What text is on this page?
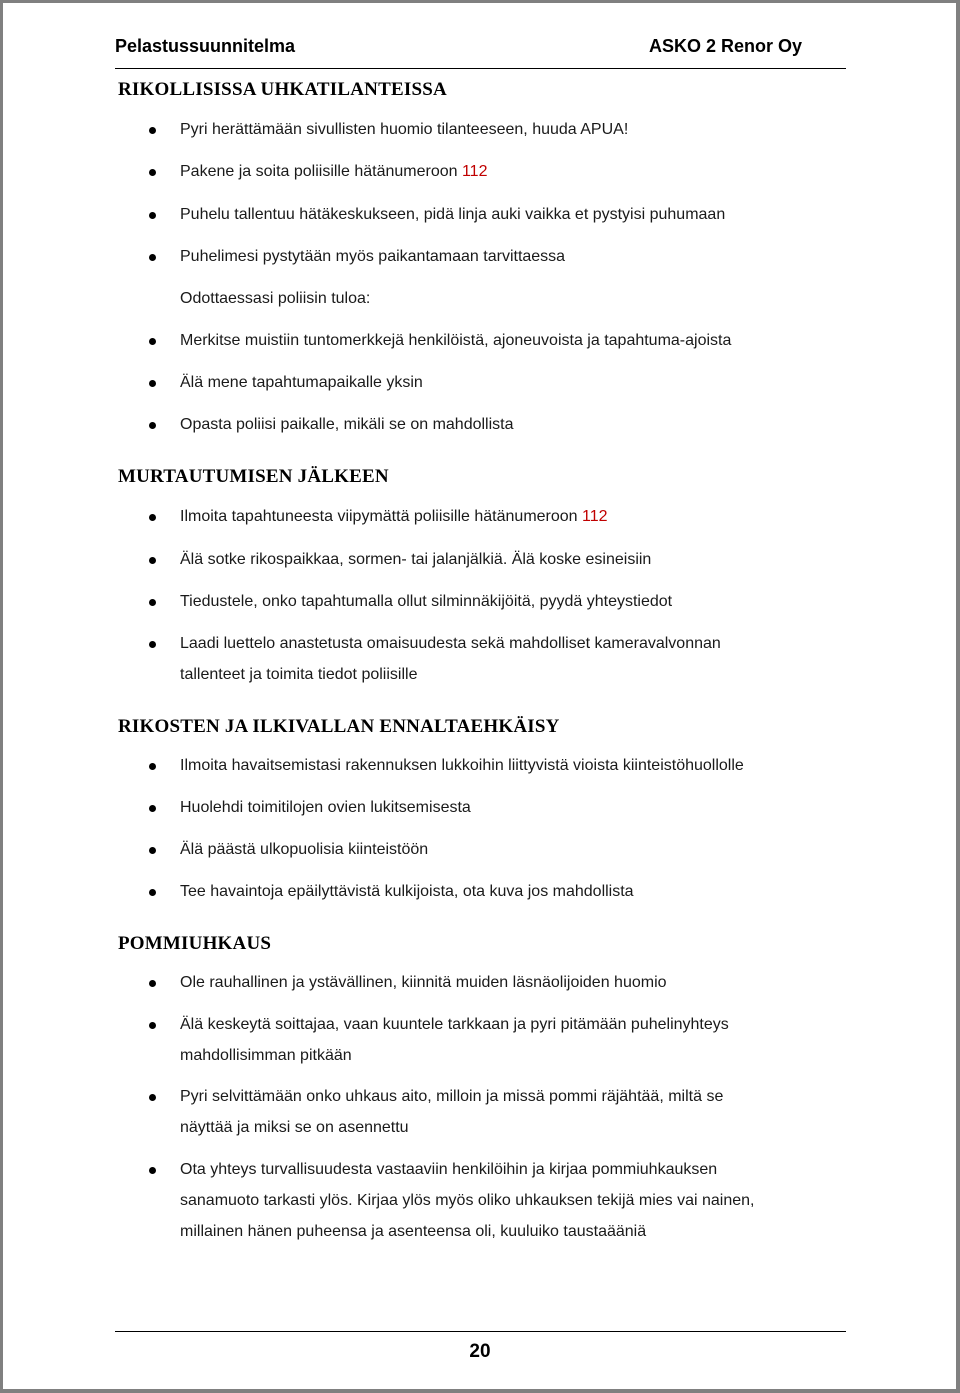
Pelastussuunnitelma	ASKO 2 Renor Oy
RIKOLLISISSA UHKATILANTEISSA
Pyri herättämään sivullisten huomio tilanteeseen, huuda APUA!
Pakene ja soita poliisille hätänumeroon 112
Puhelu tallentuu hätäkeskukseen, pidä linja auki vaikka et pystyisi puhumaan
Puhelimesi pystytään myös paikantamaan tarvittaessa
Odottaessasi poliisin tuloa:
Merkitse muistiin tuntomerkkejä henkilöistä, ajoneuvoista ja tapahtuma-ajoista
Älä mene tapahtumapaikalle yksin
Opasta poliisi paikalle, mikäli se on mahdollista
MURTAUTUMISEN JÄLKEEN
Ilmoita tapahtuneesta viipymättä poliisille hätänumeroon 112
Älä sotke rikospaikkaa, sormen- tai jalanjälkiä. Älä koske esineisiin
Tiedustele, onko tapahtumalla ollut silminnäkijöitä, pyydä yhteystiedot
Laadi luettelo anastetusta omaisuudesta sekä mahdolliset kameravalvonnan
tallenteet ja toimita tiedot poliisille
RIKOSTEN JA ILKIVALLAN ENNALTAEHKÄISY
Ilmoita havaitsemistasi rakennuksen lukkoihin liittyvistä vioista kiinteistöhuollolle
Huolehdi toimitilojen ovien lukitsemisesta
Älä päästä ulkopuolisia kiinteistöön
Tee havaintoja epäilyttävistä kulkijoista, ota kuva jos mahdollista
POMMIUHKAUS
Ole rauhallinen ja ystävällinen, kiinnitä muiden läsnäolijoiden huomio
Älä keskeytä soittajaa, vaan kuuntele tarkkaan ja pyri pitämään puhelinyhteys
mahdollisimman pitkään
Pyri selvittämään onko uhkaus aito, milloin ja missä pommi räjähtää, miltä se
näyttää ja miksi se on asennettu
Ota yhteys turvallisuudesta vastaaviin henkilöihin ja kirjaa pommiuhkauksen
sanamuoto tarkasti ylös. Kirjaa ylös myös oliko uhkauksen tekijä mies vai nainen,
millainen hänen puheensa ja asenteensa oli, kuuluiko taustaääniä
20
